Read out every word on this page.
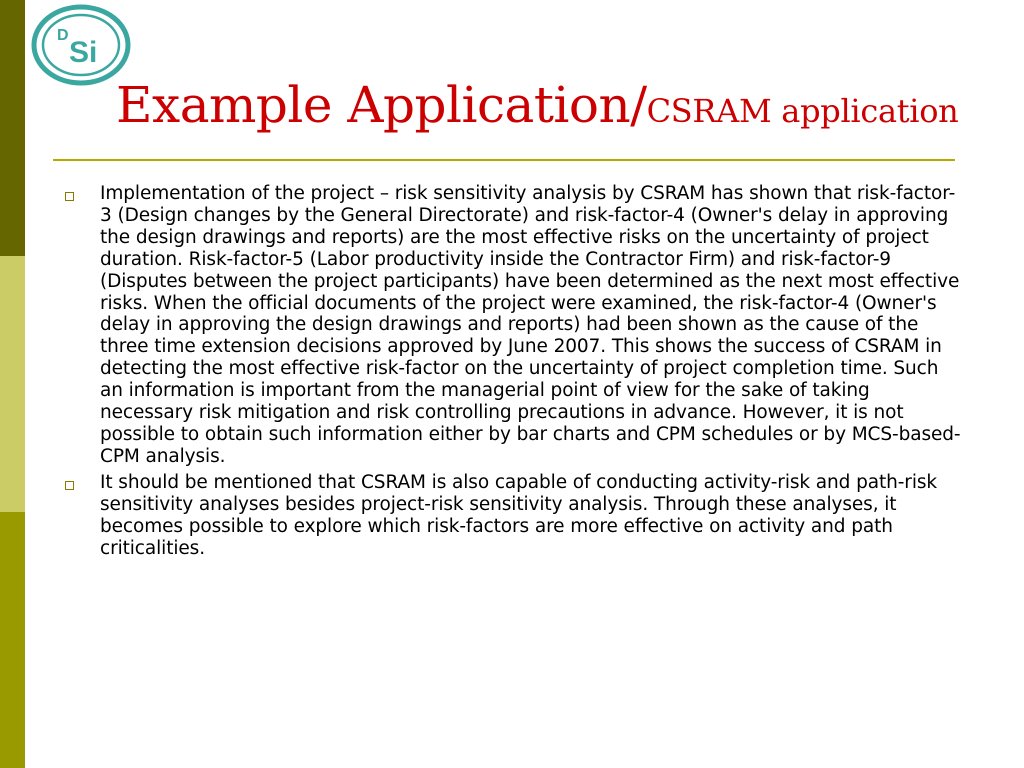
D
Si
Example Application/CSRAM application
Implementation of the project – risk sensitivity analysis by CSRAM has shown that risk-factor-3 (Design changes by the General Directorate) and risk-factor-4 (Owner's delay in approving the design drawings and reports) are the most effective risks on the uncertainty of project duration. Risk-factor-5 (Labor productivity inside the Contractor Firm) and risk-factor-9 (Disputes between the project participants) have been determined as the next most effective risks. When the official documents of the project were examined, the risk-factor-4 (Owner's delay in approving the design drawings and reports) had been shown as the cause of the three time extension decisions approved by June 2007. This shows the success of CSRAM in detecting the most effective risk-factor on the uncertainty of project completion time. Such an information is important from the managerial point of view for the sake of taking necessary risk mitigation and risk controlling precautions in advance. However, it is not possible to obtain such information either by bar charts and CPM schedules or by MCS-based-CPM analysis.
It should be mentioned that CSRAM is also capable of conducting activity-risk and path-risk sensitivity analyses besides project-risk sensitivity analysis. Through these analyses, it becomes possible to explore which risk-factors are more effective on activity and path criticalities.
